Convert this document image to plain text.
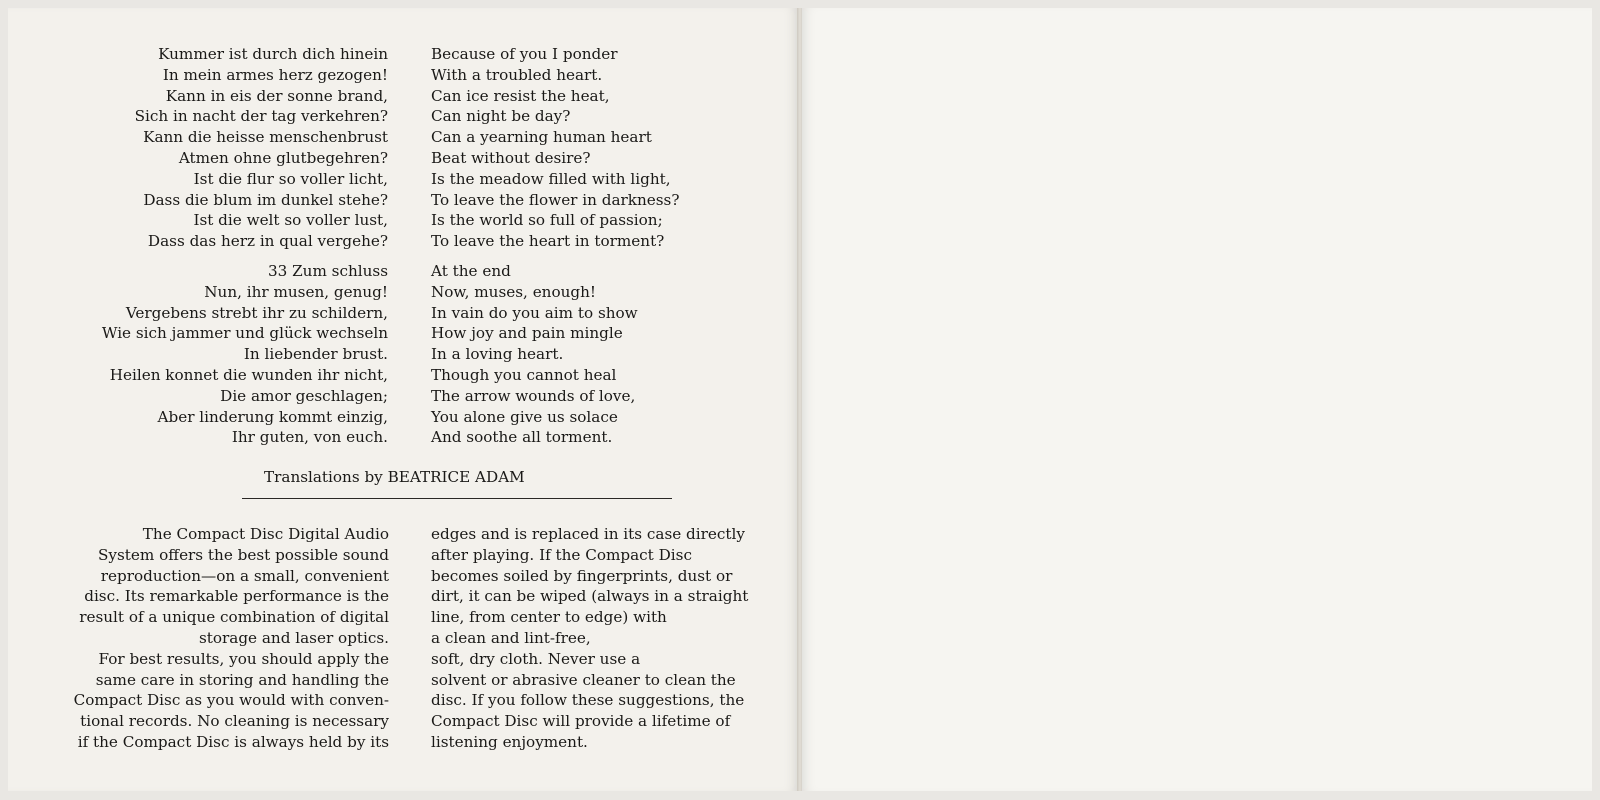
Kummer ist durch dich hinein
In mein armes herz gezogen!
Kann in eis der sonne brand,
Sich in nacht der tag verkehren?
Kann die heisse menschenbrust
Atmen ohne glutbegehren?
Ist die flur so voller licht,
Dass die blum im dunkel stehe?
Ist die welt so voller lust,
Dass das herz in qual vergehe?
Because of you I ponder
With a troubled heart.
Can ice resist the heat,
Can night be day?
Can a yearning human heart
Beat without desire?
Is the meadow filled with light,
To leave the flower in darkness?
Is the world so full of passion;
To leave the heart in torment?
33 Zum schluss
Nun, ihr musen, genug!
Vergebens strebt ihr zu schildern,
Wie sich jammer und glück wechseln
In liebender brust.
Heilen konnet die wunden ihr nicht,
Die amor geschlagen;
Aber linderung kommt einzig,
Ihr guten, von euch.
At the end
Now, muses, enough!
In vain do you aim to show
How joy and pain mingle
In a loving heart.
Though you cannot heal
The arrow wounds of love,
You alone give us solace
And soothe all torment.
Translations by BEATRICE ADAM
The Compact Disc Digital Audio
System offers the best possible sound
reproduction—on a small, convenient
disc. Its remarkable performance is the
result of a unique combination of digital
storage and laser optics.
For best results, you should apply the
same care in storing and handling the
Compact Disc as you would with conven-
tional records. No cleaning is necessary
if the Compact Disc is always held by its
edges and is replaced in its case directly
after playing. If the Compact Disc
becomes soiled by fingerprints, dust or
dirt, it can be wiped (always in a straight
line, from center to edge) with
a clean and lint-free,
soft, dry cloth. Never use a
solvent or abrasive cleaner to clean the
disc. If you follow these suggestions, the
Compact Disc will provide a lifetime of
listening enjoyment.
